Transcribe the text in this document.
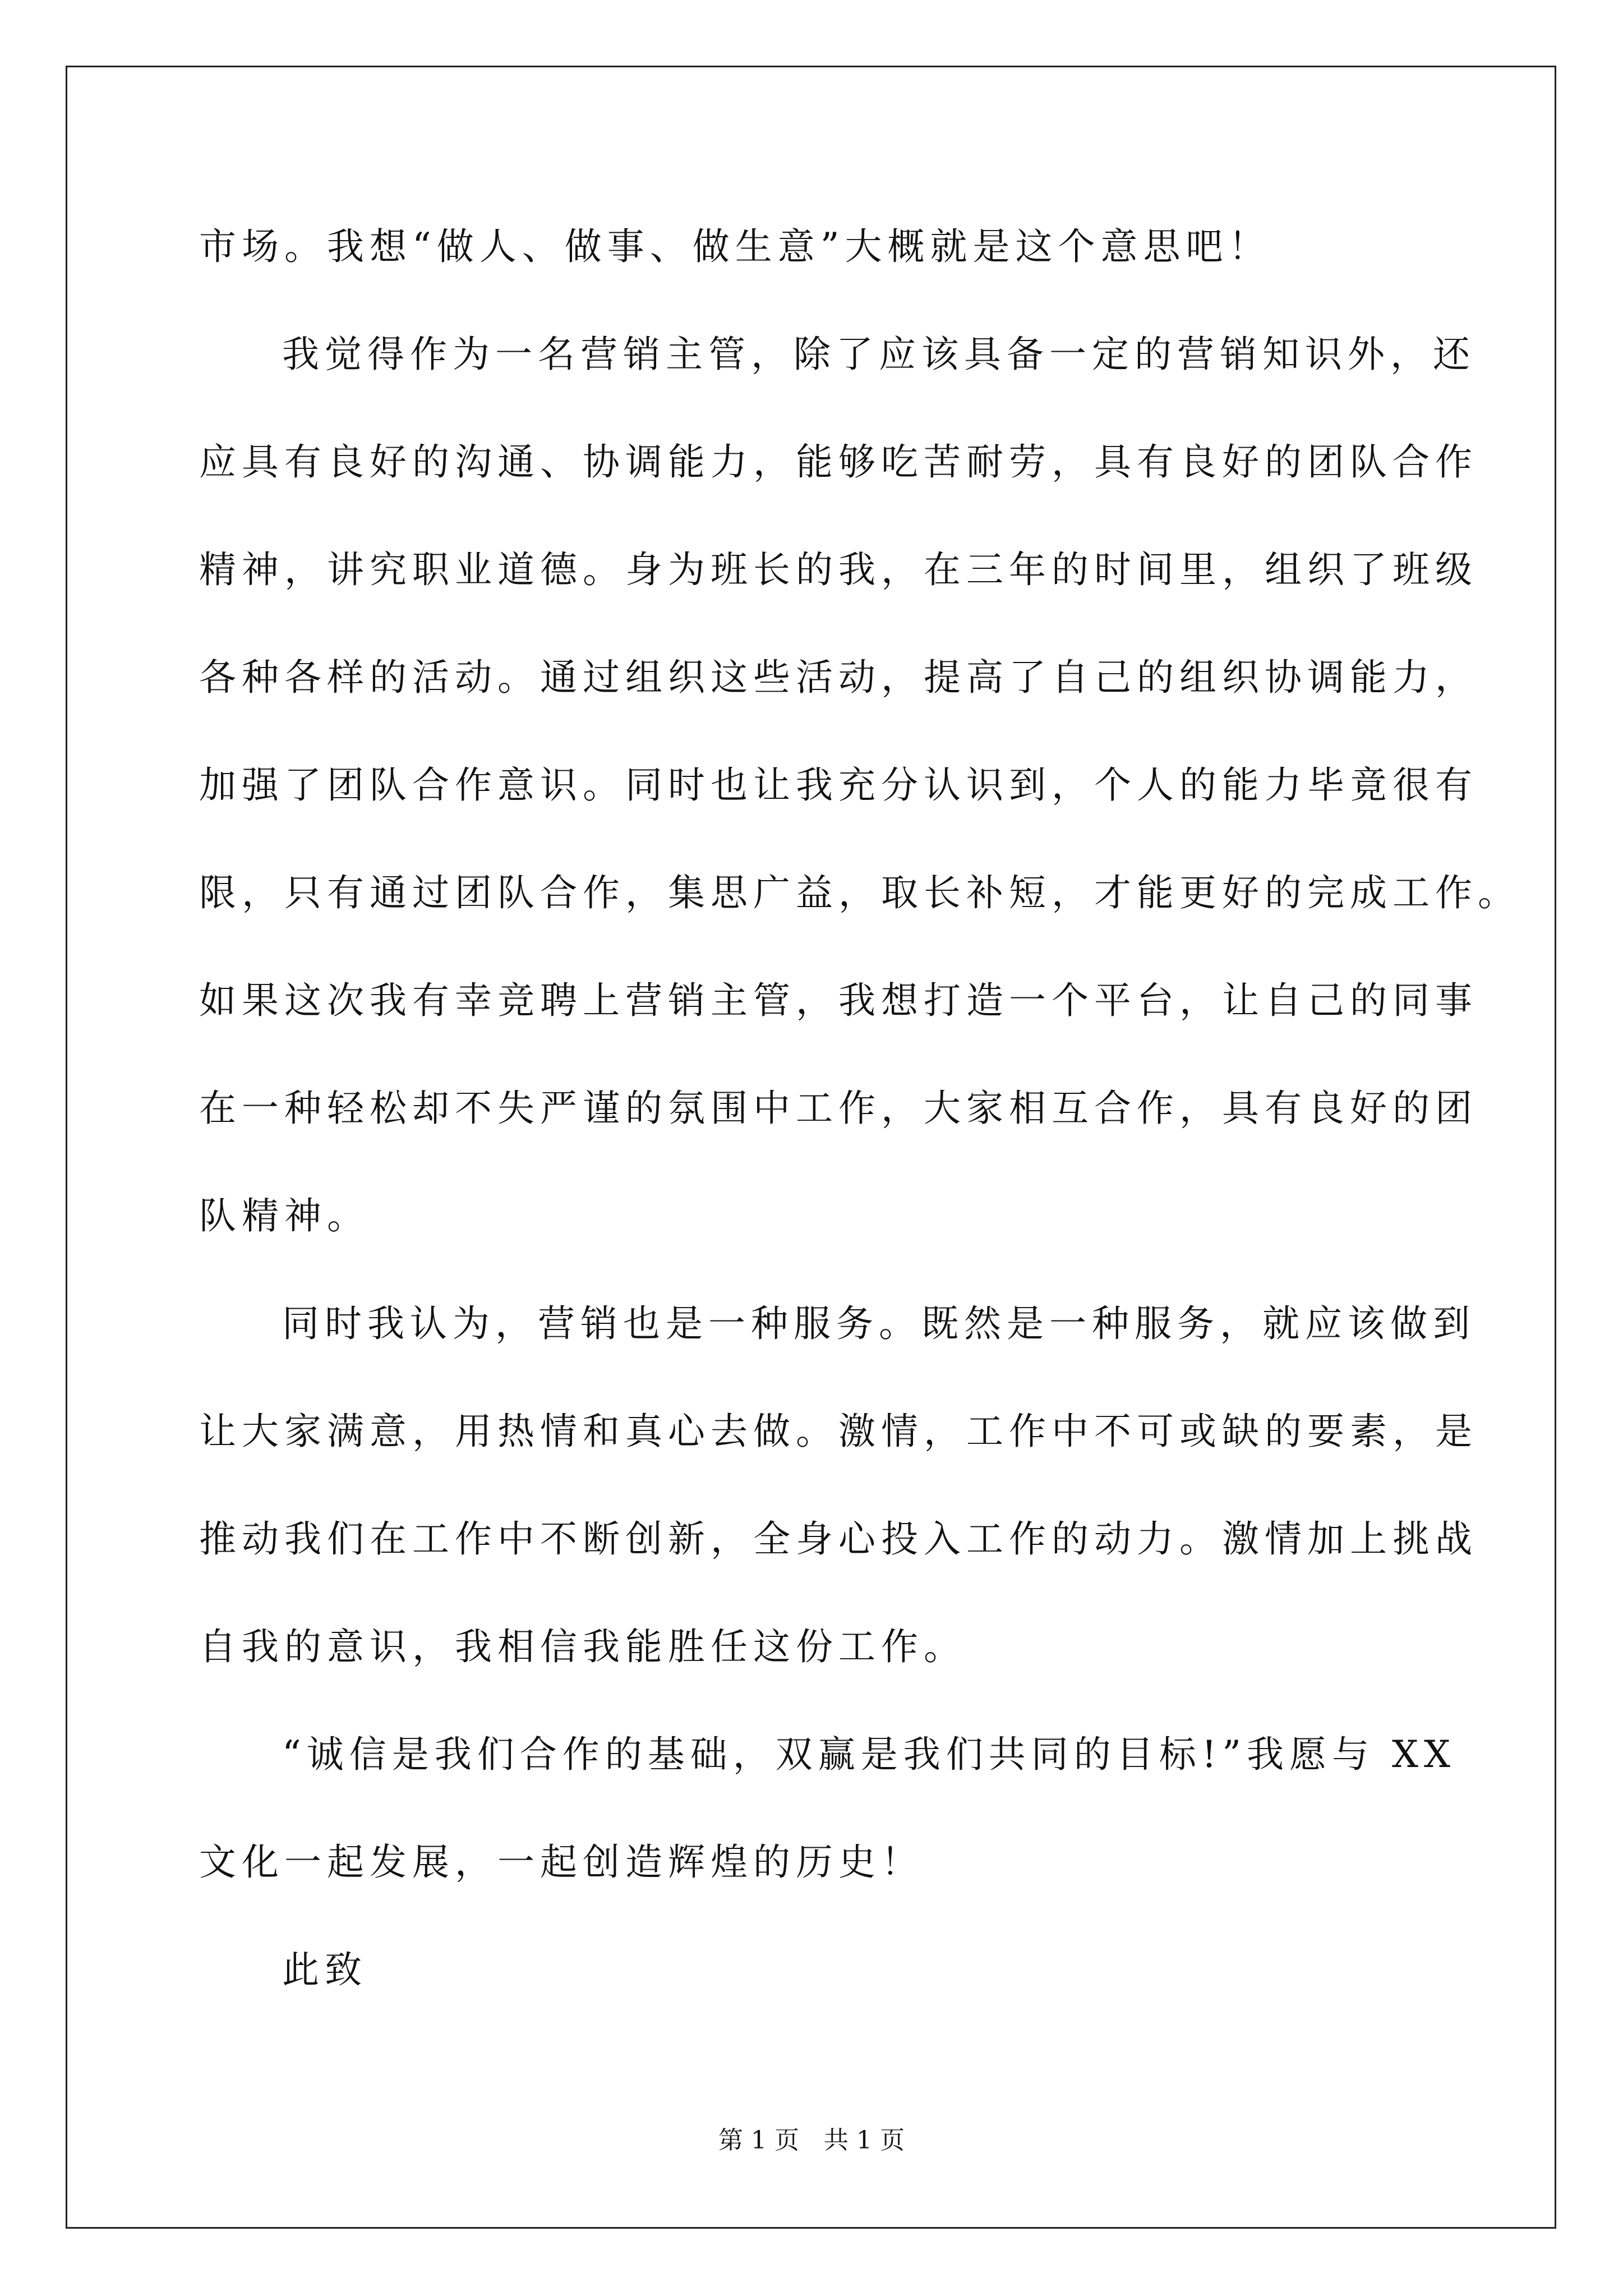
市场。我想“做人、做事、做生意”大概就是这个意思吧！
我觉得作为一名营销主管，除了应该具备一定的营销知识外，还
应具有良好的沟通、协调能力，能够吃苦耐劳，具有良好的团队合作
精神，讲究职业道德。身为班长的我，在三年的时间里，组织了班级
各种各样的活动。通过组织这些活动，提高了自己的组织协调能力，
加强了团队合作意识。同时也让我充分认识到，个人的能力毕竟很有
限，只有通过团队合作，集思广益，取长补短，才能更好的完成工作。
如果这次我有幸竞聘上营销主管，我想打造一个平台，让自己的同事
在一种轻松却不失严谨的氛围中工作，大家相互合作，具有良好的团
队精神。
同时我认为，营销也是一种服务。既然是一种服务，就应该做到
让大家满意，用热情和真心去做。激情，工作中不可或缺的要素，是
推动我们在工作中不断创新，全身心投入工作的动力。激情加上挑战
自我的意识，我相信我能胜任这份工作。
“诚信是我们合作的基础，双赢是我们共同的目标!”我愿与 XX
文化一起发展，一起创造辉煌的历史！
此致
第 1 页　共 1 页
